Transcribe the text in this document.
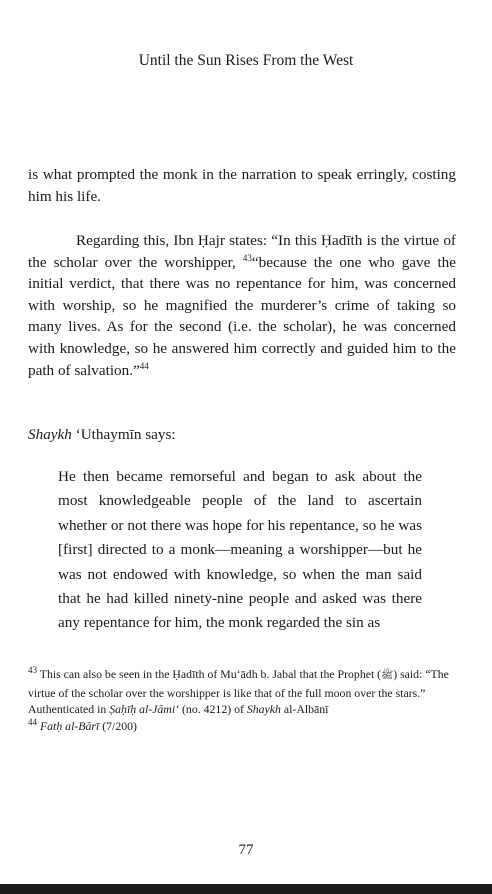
Until the Sun Rises From the West

is what prompted the monk in the narration to speak erringly, costing him his life.

Regarding this, Ibn Ḥajr states: “In this Ḥadīth is the virtue of the scholar over the worshipper, $^{43}$“because the one who gave the initial verdict, that there was no repentance for him, was concerned with worship, so he magnified the murderer’s crime of taking so many lives. As for the second (i.e. the scholar), he was concerned with knowledge, so he answered him correctly and guided him to the path of salvation.”$^{44}$

Shaykh ‘Uthaymīn says:

He then became remorseful and began to ask about the most knowledgeable people of the land to ascertain whether or not there was hope for his repentance, so he was [first] directed to a monk—meaning a worshipper—but he was not endowed with knowledge, so when the man said that he had killed ninety-nine people and asked was there any repentance for him, the monk regarded the sin as

$^{43}$ This can also be seen in the Ḥadīth of Mu‘ādh b. Jabal that the Prophet (ﷺ) said: “The virtue of the scholar over the worshipper is like that of the full moon over the stars.” Authenticated in Ṣaḥīḥ al-Jāmi‘ (no. 4212) of Shaykh al-Albānī
$^{44}$ Fatḥ al-Bārī (7/200)
77
